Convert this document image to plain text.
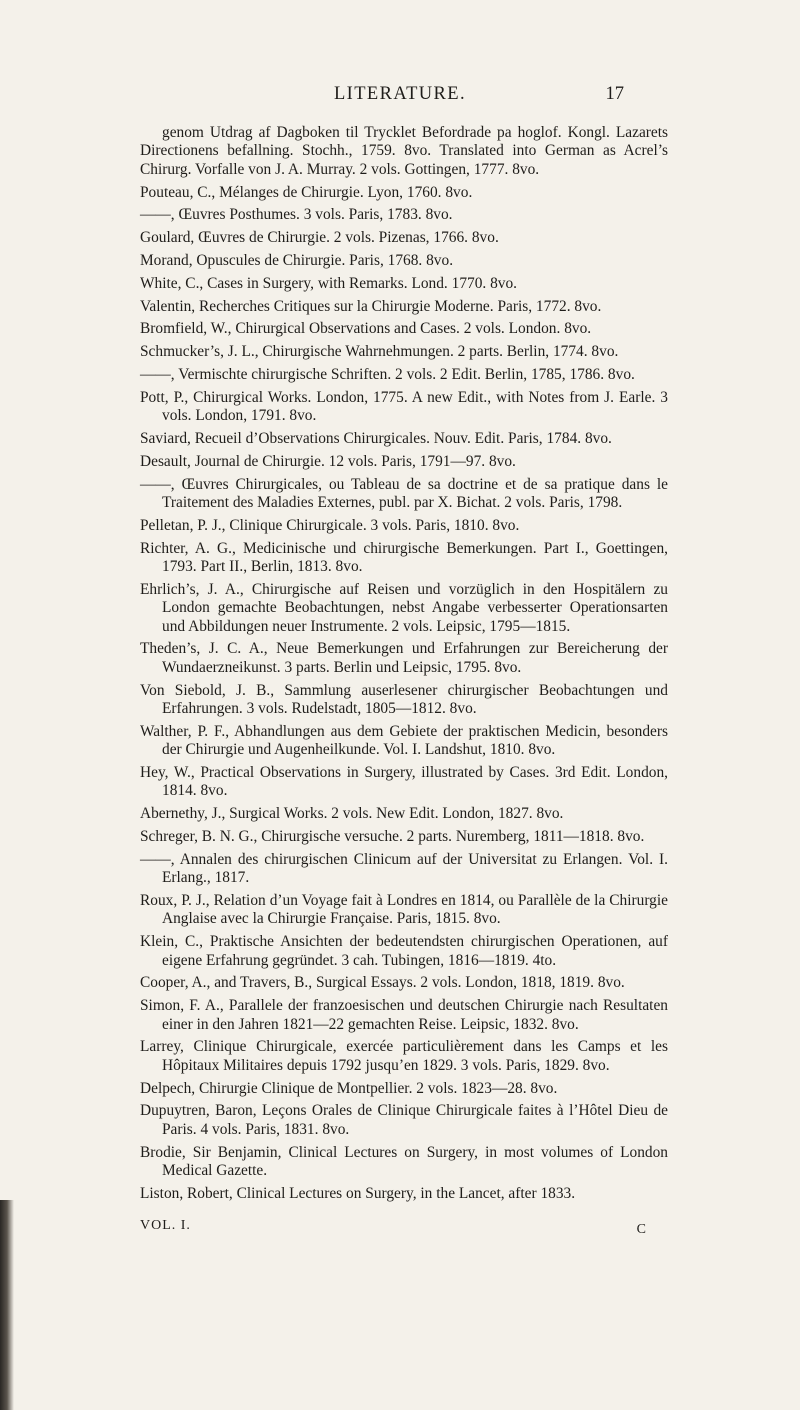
LITERATURE.	17

genom Utdrag af Dagboken til Trycklet Befordrade pa hoglof. Kongl. Lazarets Directionens befallning. Stochh., 1759. 8vo. Translated into German as Acrel’s Chirurg. Vorfalle von J. A. Murray. 2 vols. Gottingen, 1777. 8vo.

Pouteau, C., Mélanges de Chirurgie. Lyon, 1760. 8vo.

——, Œuvres Posthumes. 3 vols. Paris, 1783. 8vo.

Goulard, Œuvres de Chirurgie. 2 vols. Pizenas, 1766. 8vo.

Morand, Opuscules de Chirurgie. Paris, 1768. 8vo.

White, C., Cases in Surgery, with Remarks. Lond. 1770. 8vo.

Valentin, Recherches Critiques sur la Chirurgie Moderne. Paris, 1772. 8vo.

Bromfield, W., Chirurgical Observations and Cases. 2 vols. London. 8vo.

Schmucker’s, J. L., Chirurgische Wahrnehmungen. 2 parts. Berlin, 1774. 8vo.

——, Vermischte chirurgische Schriften. 2 vols. 2 Edit. Berlin, 1785, 1786. 8vo.

Pott, P., Chirurgical Works. London, 1775. A new Edit., with Notes from J. Earle. 3 vols. London, 1791. 8vo.

Saviard, Recueil d’Observations Chirurgicales. Nouv. Edit. Paris, 1784. 8vo.

Desault, Journal de Chirurgie. 12 vols. Paris, 1791—97. 8vo.

——, Œuvres Chirurgicales, ou Tableau de sa doctrine et de sa pratique dans le Traitement des Maladies Externes, publ. par X. Bichat. 2 vols. Paris, 1798.

Pelletan, P. J., Clinique Chirurgicale. 3 vols. Paris, 1810. 8vo.

Richter, A. G., Medicinische und chirurgische Bemerkungen. Part I., Goettingen, 1793. Part II., Berlin, 1813. 8vo.

Ehrlich’s, J. A., Chirurgische auf Reisen und vorzüglich in den Hospitälern zu London gemachte Beobachtungen, nebst Angabe verbesserter Operationsarten und Abbildungen neuer Instrumente. 2 vols. Leipsic, 1795—1815.

Theden’s, J. C. A., Neue Bemerkungen und Erfahrungen zur Bereicherung der Wundaerzneikunst. 3 parts. Berlin und Leipsic, 1795. 8vo.

Von Siebold, J. B., Sammlung auserlesener chirurgischer Beobachtungen und Erfahrungen. 3 vols. Rudelstadt, 1805—1812. 8vo.

Walther, P. F., Abhandlungen aus dem Gebiete der praktischen Medicin, besonders der Chirurgie und Augenheilkunde. Vol. I. Landshut, 1810. 8vo.

Hey, W., Practical Observations in Surgery, illustrated by Cases. 3rd Edit. London, 1814. 8vo.

Abernethy, J., Surgical Works. 2 vols. New Edit. London, 1827. 8vo.

Schreger, B. N. G., Chirurgische versuche. 2 parts. Nuremberg, 1811—1818. 8vo.

——, Annalen des chirurgischen Clinicum auf der Universitat zu Erlangen. Vol. I. Erlang., 1817.

Roux, P. J., Relation d’un Voyage fait à Londres en 1814, ou Parallèle de la Chirurgie Anglaise avec la Chirurgie Française. Paris, 1815. 8vo.

Klein, C., Praktische Ansichten der bedeutendsten chirurgischen Operationen, auf eigene Erfahrung gegründet. 3 cah. Tubingen, 1816—1819. 4to.

Cooper, A., and Travers, B., Surgical Essays. 2 vols. London, 1818, 1819. 8vo.

Simon, F. A., Parallele der franzoesischen und deutschen Chirurgie nach Resultaten einer in den Jahren 1821—22 gemachten Reise. Leipsic, 1832. 8vo.

Larrey, Clinique Chirurgicale, exercée particulièrement dans les Camps et les Hôpitaux Militaires depuis 1792 jusqu’en 1829. 3 vols. Paris, 1829. 8vo.

Delpech, Chirurgie Clinique de Montpellier. 2 vols. 1823—28. 8vo.

Dupuytren, Baron, Leçons Orales de Clinique Chirurgicale faites à l’Hôtel Dieu de Paris. 4 vols. Paris, 1831. 8vo.

Brodie, Sir Benjamin, Clinical Lectures on Surgery, in most volumes of London Medical Gazette.

Liston, Robert, Clinical Lectures on Surgery, in the Lancet, after 1833.

VOL. I.	C
